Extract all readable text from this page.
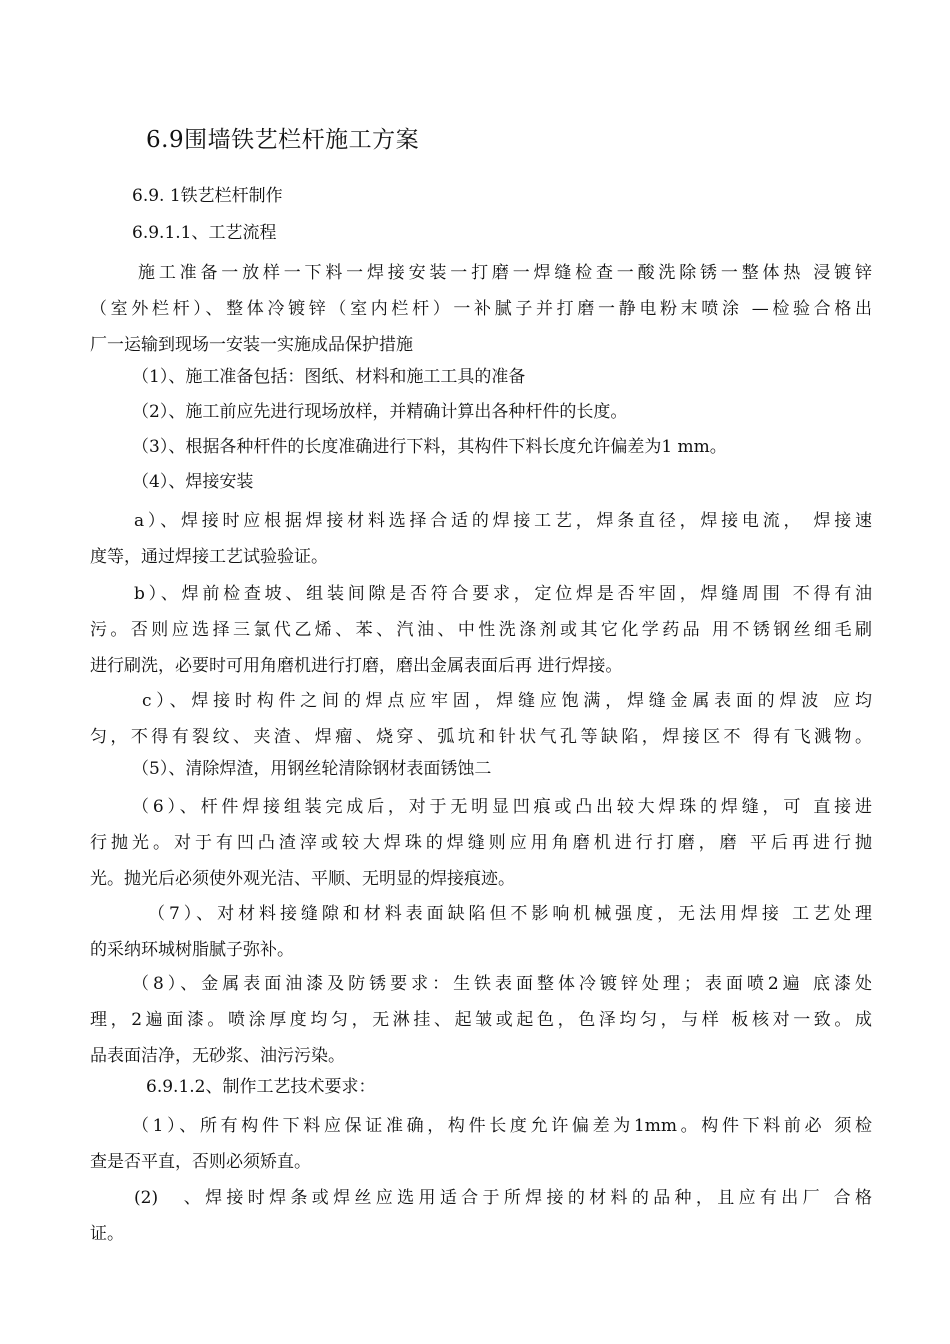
6.9围墙铁艺栏杆施工方案
6.9. 1铁艺栏杆制作
6.9.1.1、工艺流程
施工准备一放样一下料一焊接安装一打磨一焊缝检查一酸洗除锈一整体热 浸镀锌
（室外栏杆）、整体冷镀锌（室内栏杆）一补腻子并打磨一静电粉末喷涂 —检验合格出
厂一运输到现场一安装一实施成品保护措施
（1）、施工准备包括：图纸、材料和施工工具的准备
（2）、施工前应先进行现场放样，并精确计算出各种杆件的长度。
（3）、根据各种杆件的长度准确进行下料，其构件下料长度允许偏差为1 mm。
（4）、焊接安装
a）、焊接时应根据焊接材料选择合适的焊接工艺，焊条直径，焊接电流， 焊接速
度等，通过焊接工艺试验验证。
b）、焊前检查坡、组装间隙是否符合要求，定位焊是否牢固，焊缝周围 不得有油
污。否则应选择三氯代乙烯、苯、汽油、中性洗涤剂或其它化学药品 用不锈钢丝细毛刷
进行刷洗，必要时可用角磨机进行打磨，磨出金属表面后再 进行焊接。
c）、焊接时构件之间的焊点应牢固，焊缝应饱满，焊缝金属表面的焊波 应均
匀，不得有裂纹、夹渣、焊瘤、烧穿、弧坑和针状气孔等缺陷，焊接区不 得有飞溅物。
（5）、清除焊渣，用钢丝轮清除钢材表面锈蚀二
（6）、杆件焊接组装完成后，对于无明显凹痕或凸出较大焊珠的焊缝，可 直接进
行抛光。对于有凹凸渣滓或较大焊珠的焊缝则应用角磨机进行打磨，磨 平后再进行抛
光。抛光后必须使外观光洁、平顺、无明显的焊接痕迹。
（7）、对材料接缝隙和材料表面缺陷但不影响机械强度，无法用焊接 工艺处理
的采纳环城树脂腻子弥补。
（8）、金属表面油漆及防锈要求：生铁表面整体冷镀锌处理；表面喷2遍 底漆处
理，2遍面漆。喷涂厚度均匀，无淋挂、起皱或起色，色泽均匀，与样 板核对一致。成
品表面洁净，无砂浆、油污污染。
6.9.1.2、制作工艺技术要求：
（1）、所有构件下料应保证准确，构件长度允许偏差为1mm。构件下料前必 须检
查是否平直，否则必须矫直。
(2)　、焊接时焊条或焊丝应选用适合于所焊接的材料的品种，且应有出厂 合格
证。
